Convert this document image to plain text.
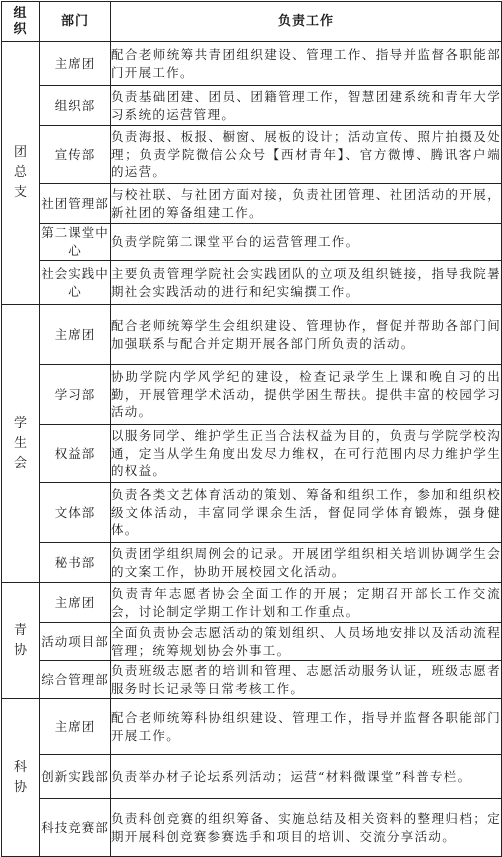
组
织	部门	负责工作

团
总
支	主席团	配合老师统筹共青团组织建设、管理工作、指导并监督各职能部门开展工作。
	组织部	负责基础团建、团员、团籍管理工作，智慧团建系统和青年大学习系统的运营管理。
	宣传部	负责海报、板报、橱窗、展板的设计；活动宣传、照片拍摄及处理；负责学院微信公众号【西材青年】、官方微博、腾讯客户端的运营。
	社团管理部	与校社联、与社团方面对接，负责社团管理、社团活动的开展，新社团的筹备组建工作。
	第二课堂中心	负责学院第二课堂平台的运营管理工作。
	社会实践中心	主要负责管理学院社会实践团队的立项及组织链接，指导我院暑期社会实践活动的进行和纪实编撰工作。

学
生
会	主席团	配合老师统筹学生会组织建设、管理协作，督促并帮助各部门间加强联系与配合并定期开展各部门所负责的活动。
	学习部	协助学院内学风学纪的建设，检查记录学生上课和晚自习的出勤，开展管理学术活动，提供学困生帮扶。提供丰富的校园学习活动。
	权益部	以服务同学、维护学生正当合法权益为目的，负责与学院学校沟通，定当从学生角度出发尽力维权，在可行范围内尽力维护学生的权益。
	文体部	负责各类文艺体育活动的策划、筹备和组织工作，参加和组织校级文体活动，丰富同学课余生活，督促同学体育锻炼，强身健体。
	秘书部	负责团学组织周例会的记录。开展团学组织相关培训协调学生会的文案工作，协助开展校园文化活动。

青
协	主席团	负责青年志愿者协会全面工作的开展；定期召开部长工作交流会，讨论制定学期工作计划和工作重点。
	活动项目部	全面负责协会志愿活动的策划组织、人员场地安排以及活动流程管理；统筹规划协会外事工。
	综合管理部	负责班级志愿者的培训和管理、志愿活动服务认证，班级志愿者服务时长记录等日常考核工作。

科
协	主席团	配合老师统筹科协组织建设、管理工作，指导并监督各职能部门开展工作。
	创新实践部	负责举办材子论坛系列活动；运营“材料微课堂”科普专栏。
	科技竞赛部	负责科创竞赛的组织筹备、实施总结及相关资料的整理归档；定期开展科创竞赛参赛选手和项目的培训、交流分享活动。
